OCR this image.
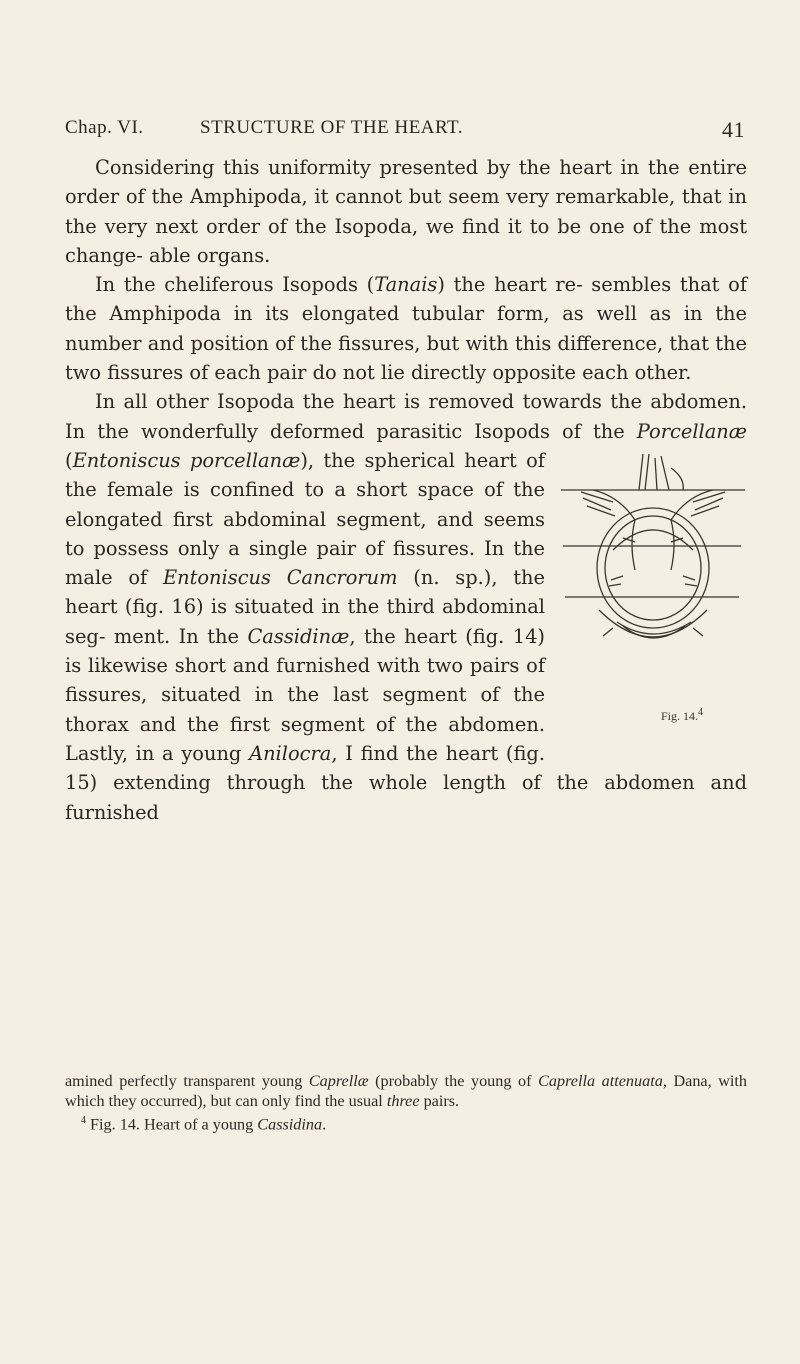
Chap. VI.	STRUCTURE OF THE HEART.	41

Considering this uniformity presented by the heart in the entire order of the Amphipoda, it cannot but seem very remarkable, that in the very next order of the Isopoda, we find it to be one of the most change- able organs.

In the cheliferous Isopods (Tanais) the heart re- sembles that of the Amphipoda in its elongated tubular form, as well as in the number and position of the fissures, but with this difference, that the two fissures of each pair do not lie directly opposite each other.

In all other Isopoda the heart is removed towards the abdomen. In the wonderfully deformed parasitic Isopods of the Porcellanæ (Entoniscus porcellanæ
Fig. 14.$^4$
), the spherical heart of the female is confined to a short space of the elongated first abdominal segment, and seems to possess only a single pair of fissures. In the male of Entoniscus Cancrorum (n. sp.), the heart (fig. 16) is situated in the third abdominal seg- ment. In the Cassidinæ, the heart (fig. 14) is likewise short and furnished with two pairs of fissures, situated in the last segment of the thorax and the first segment of the abdomen. Lastly, in a young Anilocra, I find the heart (fig. 15) extending through the whole length of the abdomen and furnished

amined perfectly transparent young Caprellæ (probably the young of Caprella attenuata, Dana, with which they occurred), but can only find the usual three pairs.

$^4$ Fig. 14. Heart of a young Cassidina.
